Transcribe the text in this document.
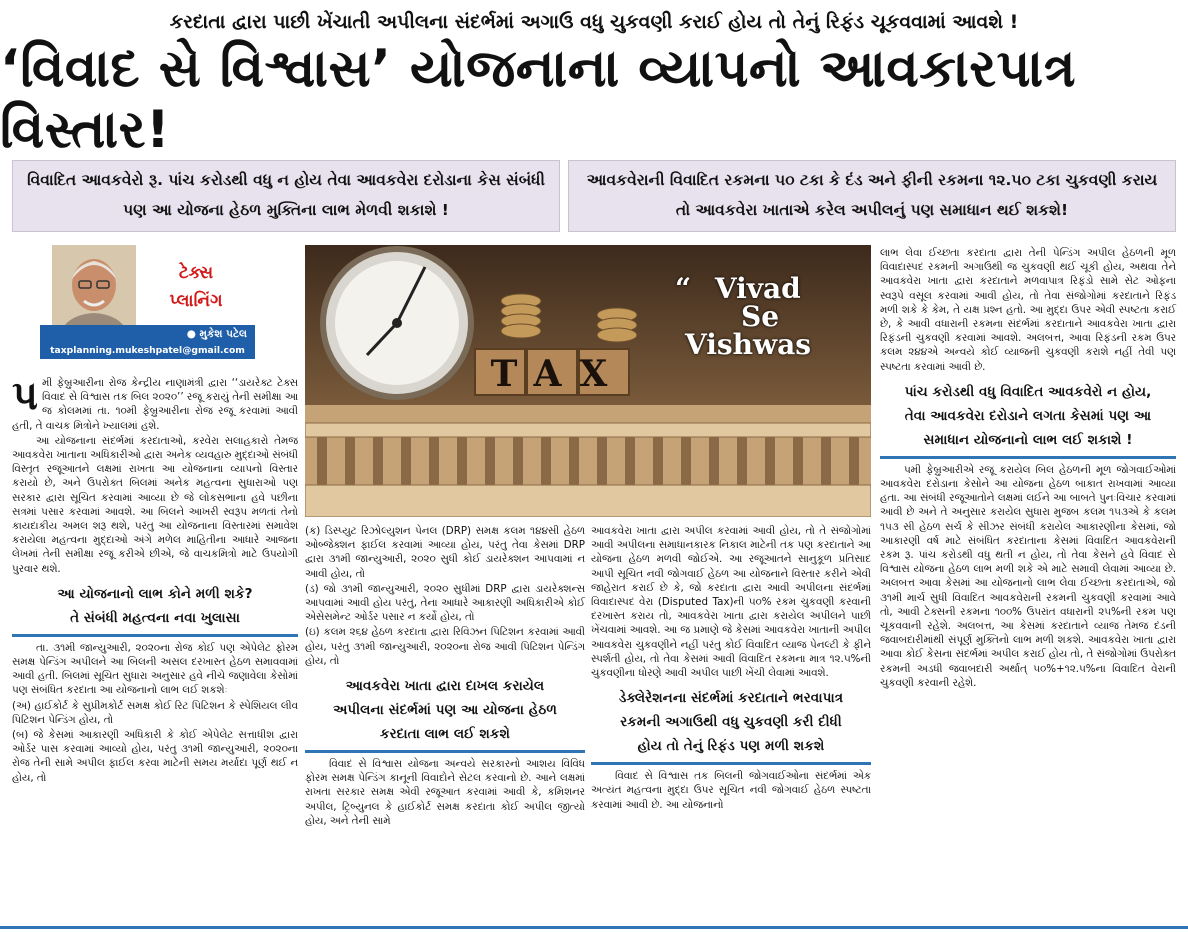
કરદાતા દ્વારા પાછી ખેંચાતી અપીલના સંદર્ભમાં અગાઉ વધુ ચુકવણી કરાઈ હોય તો તેનું રિફંડ ચૂકવવામાં આવશે !
‘વિવાદ સે વિશ્વાસ’ યોજનાના વ્યાપનો આવકારપાત્ર વિસ્તાર!
વિવાદિત આવકવેરો રૂ. પાંચ કરોડથી વધુ ન હોય તેવા આવકવેરા દરોડાના કેસ સંબંધી પણ આ યોજના હેઠળ મુક્તિના લાભ મેળવી શકાશે !
આવકવેરાની વિવાદિત રકમના ૫૦ ટકા કે દંડ અને ફીની રકમના ૧૨.૫૦ ટકા ચુકવણી કરાય તો આવકવેરા ખાતાએ કરેલ અપીલનું પણ સમાધાન થઈ શકશે!
ટેક્સ
પ્લાનિંગ
● મુકેશ પટેલ
taxplanning.mukeshpatel@gmail.com
TAX
“ Vivad
Se
Vishwas

પમી ફેબ્રુઆરીના રોજ કેન્દ્રીય નાણામંત્રી દ્વારા ‘‘ડાયરેક્ટ ટેક્સ વિવાદ સે વિશ્વાસ તક બિલ ૨૦૨૦’’ રજૂ કરાયું તેની સમીક્ષા આ જ કોલમમાં તા. ૧૦મી ફેબ્રુઆરીના રોજ રજૂ કરવામાં આવી હતી, તે વાચક મિત્રોને ખ્યાલમાં હશે.

આ યોજનાના સંદર્ભમાં કરદાતાઓ, કરવેરા સલાહકારો તેમજ આવકવેરા ખાતાના અધિકારીઓ દ્વારા અનેક વ્યવહારુ મુદ્દાઓ સંબંધી વિસ્તૃત રજૂઆતને લક્ષમાં રાખતા આ યોજનાના વ્યાપનો વિસ્તાર કરાયો છે, અને ઉપરોક્ત બિલમાં અનેક મહત્વના સુધારાઓ પણ સરકાર દ્વારા સૂચિત કરવામાં આવ્યા છે જે લોકસભાના હવે પછીના સત્રમાં પસાર કરવામાં આવશે. આ બિલને આખરી સ્વરૂપ મળતાં તેનો કાયદાકીય અમલ શરૂ થશે, પરંતુ આ યોજનાના વિસ્તારમાં સમાવેશ કરાયેલા મહત્વના મુદ્દાઓ અંગે મળેલ માહિતીના આધારે આજના લેખમાં તેની સમીક્ષા રજૂ કરીએ છીએ, જે વાચકમિત્રો માટે ઉપયોગી પુરવાર થશે.

આ યોજનાનો લાભ કોને મળી શકે?
તે સંબંધી મહત્વના નવા ખુલાસા

તા. ૩૧મી જાન્યુઆરી, ૨૦૨૦ના રોજ કોઈ પણ એપેલેટ ફોરમ સમક્ષ પેન્ડિંગ અપીલને આ બિલની અસલ દરખાસ્ત હેઠળ સમાવવામાં આવી હતી. બિલમાં સૂચિત સુધારા અનુસાર હવે નીચે જણાવેલા કેસોમાં પણ સંબંધિત કરદાતા આ યોજનાનો લાભ લઈ શકશેઃ

(અ) હાઈકોર્ટ કે સુપ્રીમકોર્ટ સમક્ષ કોઈ રિટ પિટિશન કે સ્પેશિયલ લીવ પિટિશન પેન્ડિંગ હોય, તો

(બ) જે કેસમાં આકારણી અધિકારી કે કોઈ એપેલેટ સત્તાધીશ દ્વારા ઓર્ડર પાસ કરવામાં આવ્યો હોય, પરંતુ ૩૧મી જાન્યુઆરી, ૨૦૨૦ના રોજ તેની સામે અપીલ ફાઈલ કરવા માટેની સમય મર્યાદા પૂર્ણ થઈ ન હોય, તો

(ક) ડિસ્પ્યુટ રિઝોલ્યુશન પેનલ (DRP) સમક્ષ કલમ ૧૪૪સી હેઠળ ઓબ્જેક્શન ફાઈલ કરવામાં આવ્યા હોય, પરંતુ તેવા કેસમાં DRP દ્વારા ૩૧મી જાન્યુઆરી, ૨૦૨૦ સુધી કોઈ ડાયરેક્શન આપવામાં ન આવી હોય, તો

(ડ) જો ૩૧મી જાન્યુઆરી, ૨૦૨૦ સુધીમાં DRP દ્વારા ડાયરેક્શન્સ આપવામાં આવી હોય પરંતુ, તેના આધારે આકારણી અધિકારીએ કોઈ એસેસમેન્ટ ઓર્ડર પસાર ન કર્યો હોય, તો

(ઇ) કલમ ૨૬૪ હેઠળ કરદાતા દ્વારા રિવિઝન પિટિશન કરવામાં આવી હોય, પરંતુ ૩૧મી જાન્યુઆરી, ૨૦૨૦ના રોજ આવી પિટિશન પેન્ડિંગ હોય, તો

આવકવેરા ખાતા દ્વારા દાખલ કરાયેલ
અપીલના સંદર્ભમાં પણ આ યોજના હેઠળ
કરદાતા લાભ લઈ શકશે

વિવાદ સે વિશ્વાસ યોજના અન્વયે સરકારનો આશય વિવિધ ફોરમ સમક્ષ પેન્ડિંગ કાનૂની વિવાદોને સેટલ કરવાનો છે. આને લક્ષમાં રાખતા સરકાર સમક્ષ એવી રજૂઆત કરવામાં આવી કે, કમિશનર અપીલ, ટ્રિબ્યુનલ કે હાઈકોર્ટ સમક્ષ કરદાતા કોઈ અપીલ જીત્યો હોય, અને તેની સામે

આવકવેરા ખાતા દ્વારા અપીલ કરવામાં આવી હોય, તો તે સંજોગોમાં આવી અપીલના સમાધાનકારક નિકાલ માટેની તક પણ કરદાતાને આ યોજના હેઠળ મળવી જોઈએ. આ રજૂઆતને સાનુકૂળ પ્રતિસાદ આપી સૂચિત નવી જોગવાઈ હેઠળ આ યોજનાને વિસ્તાર કરીને એવી જાહેરાત કરાઈ છે કે, જો કરદાતા દ્વારા આવી અપીલના સંદર્ભમાં વિવાદાસ્પદ વેરા (Disputed Tax)ની ૫૦% રકમ ચુકવણી કરવાની દરખાસ્ત કરાય તો, આવકવેરા ખાતા દ્વારા કરાયેલ અપીલને પાછી ખેંચવામાં આવશે. આ જ પ્રમાણે જે કેસમાં આવકવેરા ખાતાની અપીલ આવકવેરા ચુકવણીને નહીં પરંતુ કોઈ વિવાદિત વ્યાજ પેનલ્ટી કે ફીને સ્પર્શતી હોય, તો તેવા કેસમાં આવી વિવાદિત રકમના માત્ર ૧૨.૫%ની ચુકવણીના ધોરણે આવી અપીલ પાછી ખેંચી લેવામાં આવશે.

ડેક્લેરેશનના સંદર્ભમાં કરદાતાને ભરવાપાત્ર
રકમની અગાઉથી વધુ ચુકવણી કરી દીધી
હોય તો તેનું રિફંડ પણ મળી શકશે

વિવાદ સે વિશ્વાસ તક બિલની જોગવાઈઓના સંદર્ભમાં એક અત્યંત મહત્વના મુદ્દા ઉપર સૂચિત નવી જોગવાઈ હેઠળ સ્પષ્ટતા કરવામાં આવી છે. આ યોજનાનો

લાભ લેવા ઈચ્છતા કરદાતા દ્વારા તેની પેન્ડિંગ અપીલ હેઠળની મૂળ વિવાદાસ્પદ રકમની અગાઉથી જ ચુકવણી થઈ ચૂકી હોય, અથવા તેને આવકવેરા ખાતા દ્વારા કરદાતાને મળવાપાત્ર રિફંડો સામે સેટ ઓફના સ્વરૂપે વસૂલ કરવામાં આવી હોય, તો તેવા સંજોગોમાં કરદાતાને રિફંડ મળી શકે કે કેમ, તે યક્ષ પ્રશ્ન હતો. આ મુદ્દા ઉપર એવી સ્પષ્ટતા કરાઈ છે, કે આવી વધારાની રકમના સંદર્ભમાં કરદાતાને આવકવેરા ખાતા દ્વારા રિફંડની ચુકવણી કરવામાં આવશે. અલબત્ત, આવા રિફંડની રકમ ઉપર કલમ ૨૪૪એ અન્વયે કોઈ વ્યાજની ચુકવણી કરાશે નહીં તેવી પણ સ્પષ્ટતા કરવામાં આવી છે.

પાંચ કરોડથી વધુ વિવાદિત આવકવેરો ન હોય,
તેવા આવકવેરા દરોડાને લગતા કેસમાં પણ આ
સમાધાન યોજનાનો લાભ લઈ શકાશે !

પમી ફેબ્રુઆરીએ રજૂ કરાયેલ બિલ હેઠળની મૂળ જોગવાઈઓમાં આવકવેરા દરોડાના કેસોને આ યોજના હેઠળ બાકાત રાખવામાં આવ્યા હતા. આ સંબંધી રજૂઆતોને લક્ષમાં લઈને આ બાબતે પુનઃવિચાર કરવામાં આવી છે અને તે અનુસાર કરાયેલ સુધારા મુજબ કલમ ૧૫૩એ કે કલમ ૧૫૩ સી હેઠળ સર્ચ કે સીઝર સંબંધી કરાયેલ આકારણીના કેસમાં, જો આકારણી વર્ષ માટે સંબંધિત કરદાતાના કેસમાં વિવાદિત આવકવેરાની રકમ રૂ. પાંચ કરોડથી વધુ થતી ન હોય, તો તેવા કેસને હવે વિવાદ સે વિશ્વાસ યોજના હેઠળ લાભ મળી શકે એ માટે સમાવી લેવામાં આવ્યા છે. અલબત્ત આવા કેસમાં આ યોજનાનો લાભ લેવા ઈચ્છતા કરદાતાએ, જો ૩૧મી માર્ચ સુધી વિવાદિત આવકવેરાની રકમની ચુકવણી કરવામાં આવે તો, આવી ટેક્સની રકમના ૧૦૦% ઉપરાંત વધારાની ૨૫%ની રકમ પણ ચૂકવવાની રહેશે. અલબત્ત, આ કેસમાં કરદાતાને વ્યાજ તેમજ દંડની જવાબદારીમાંથી સંપૂર્ણ મુક્તિનો લાભ મળી શકશે. આવકવેરા ખાતા દ્વારા આવા કોઈ કેસના સંદર્ભમાં અપીલ કરાઈ હોય તો, તે સંજોગોમાં ઉપરોક્ત રકમની અડધી જવાબદારી અર્થાત્ ૫૦%+૧૨.૫%ના વિવાદિત વેરાની ચુકવણી કરવાની રહેશે.
